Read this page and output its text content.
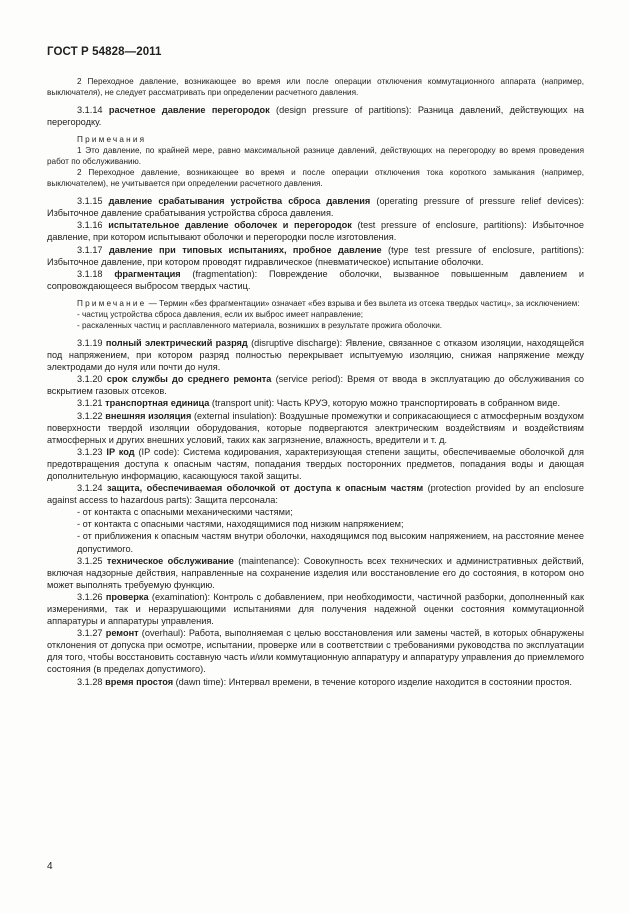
ГОСТ Р 54828—2011

2 Переходное давление, возникающее во время или после операции отключения коммутационного аппарата (например, выключателя), не следует рассматривать при определении расчетного давления.

3.1.14 расчетное давление перегородок (design pressure of partitions): Разница давлений, действующих на перегородку.

Примечания

1 Это давление, по крайней мере, равно максимальной разнице давлений, действующих на перегородку во время проведения работ по обслуживанию.

2 Переходное давление, возникающее во время и после операции отключения тока короткого замыкания (например, выключателем), не учитывается при определении расчетного давления.

3.1.15 давление срабатывания устройства сброса давления (operating pressure of pressure relief devices): Избыточное давление срабатывания устройства сброса давления.

3.1.16 испытательное давление оболочек и перегородок (test pressure of enclosure, partitions): Избыточное давление, при котором испытывают оболочки и перегородки после изготовления.

3.1.17 давление при типовых испытаниях, пробное давление (type test pressure of enclosure, partitions): Избыточное давление, при котором проводят гидравлическое (пневматическое) испытание оболочки.

3.1.18 фрагментация (fragmentation): Повреждение оболочки, вызванное повышенным давлением и сопровождающееся выбросом твердых частиц.

Примечание — Термин «без фрагментации» означает «без взрыва и без вылета из отсека твердых частиц», за исключением:

- частиц устройства сброса давления, если их выброс имеет направление;

- раскаленных частиц и расплавленного материала, возникших в результате прожига оболочки.

3.1.19 полный электрический разряд (disruptive discharge): Явление, связанное с отказом изоляции, находящейся под напряжением, при котором разряд полностью перекрывает испытуемую изоляцию, снижая напряжение между электродами до нуля или почти до нуля.

3.1.20 срок службы до среднего ремонта (service period): Время от ввода в эксплуатацию до обслуживания со вскрытием газовых отсеков.

3.1.21 транспортная единица (transport unit): Часть КРУЭ, которую можно транспортировать в собранном виде.

3.1.22 внешняя изоляция (external insulation): Воздушные промежутки и соприкасающиеся с атмосферным воздухом поверхности твердой изоляции оборудования, которые подвергаются электрическим воздействиям и воздействиям атмосферных и других внешних условий, таких как загрязнение, влажность, вредители и т. д.

3.1.23 IP код (IP code): Система кодирования, характеризующая степени защиты, обеспечиваемые оболочкой для предотвращения доступа к опасным частям, попадания твердых посторонних предметов, попадания воды и дающая дополнительную информацию, касающуюся такой защиты.

3.1.24 защита, обеспечиваемая оболочкой от доступа к опасным частям (protection provided by an enclosure against access to hazardous parts): Защита персонала:

- от контакта с опасными механическими частями;

- от контакта с опасными частями, находящимися под низким напряжением;

- от приближения к опасным частям внутри оболочки, находящимся под высоким напряжением, на расстояние менее допустимого.

3.1.25 техническое обслуживание (maintenance): Совокупность всех технических и административных действий, включая надзорные действия, направленные на сохранение изделия или восстановление его до состояния, в котором оно может выполнять требуемую функцию.

3.1.26 проверка (examination): Контроль с добавлением, при необходимости, частичной разборки, дополненный как измерениями, так и неразрушающими испытаниями для получения надежной оценки состояния коммутационной аппаратуры и аппаратуры управления.

3.1.27 ремонт (overhaul): Работа, выполняемая с целью восстановления или замены частей, в которых обнаружены отклонения от допуска при осмотре, испытании, проверке или в соответствии с требованиями руководства по эксплуатации для того, чтобы восстановить составную часть и/или коммутационную аппаратуру и аппаратуру управления до приемлемого состояния (в пределах допустимого).

3.1.28 время простоя (dawn time): Интервал времени, в течение которого изделие находится в состоянии простоя.

4
